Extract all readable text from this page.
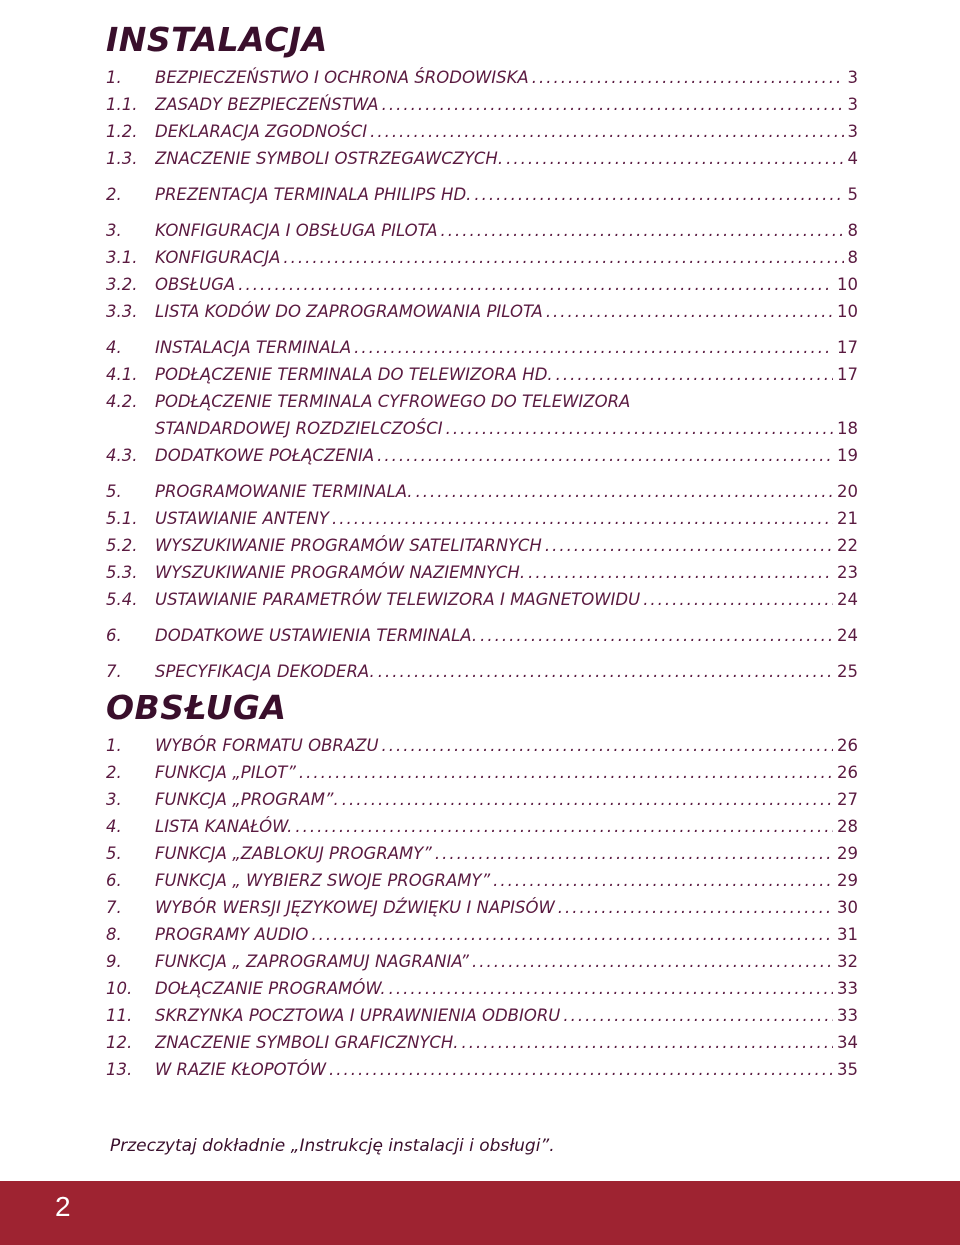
INSTALACJA
1. BEZPIECZEŃSTWO I OCHRONA ŚRODOWISKA .....	3
1.1. ZASADY BEZPIECZEŃSTWA .....	3
1.2. DEKLARACJA ZGODNOŚCI .....	3
1.3. ZNACZENIE SYMBOLI OSTRZEGAWCZYCH. .....	4
2. PREZENTACJA TERMINALA PHILIPS HD. .....	5
3. KONFIGURACJA I OBSŁUGA PILOTA .....	8
3.1. KONFIGURACJA .....	8
3.2. OBSŁUGA .....	10
3.3. LISTA KODÓW DO ZAPROGRAMOWANIA PILOTA .....	10
4. INSTALACJA TERMINALA .....	17
4.1. PODŁĄCZENIE TERMINALA DO TELEWIZORA HD. .....	17
4.2. PODŁĄCZENIE TERMINALA CYFROWEGO DO TELEWIZORA
STANDARDOWEJ ROZDZIELCZOŚCI .....	18
4.3. DODATKOWE POŁĄCZENIA .....	19
5. PROGRAMOWANIE TERMINALA. .....	20
5.1. USTAWIANIE ANTENY .....	21
5.2. WYSZUKIWANIE PROGRAMÓW SATELITARNYCH .....	22
5.3. WYSZUKIWANIE PROGRAMÓW NAZIEMNYCH. .....	23
5.4. USTAWIANIE PARAMETRÓW TELEWIZORA I MAGNETOWIDU .....	24
6. DODATKOWE USTAWIENIA TERMINALA. .....	24
7. SPECYFIKACJA DEKODERA. .....	25
OBSŁUGA
1. WYBÓR FORMATU OBRAZU .....	26
2. FUNKCJA „PILOT” .....	26
3. FUNKCJA „PROGRAM”. .....	27
4. LISTA KANAŁÓW. .....	28
5. FUNKCJA „ZABLOKUJ PROGRAMY” .....	29
6. FUNKCJA „ WYBIERZ SWOJE PROGRAMY” .....	29
7. WYBÓR WERSJI JĘZYKOWEJ DŹWIĘKU I NAPISÓW .....	30
8. PROGRAMY AUDIO .....	31
9. FUNKCJA „ ZAPROGRAMUJ NAGRANIA” .....	32
10. DOŁĄCZANIE PROGRAMÓW. .....	33
11. SKRZYNKA POCZTOWA I UPRAWNIENIA ODBIORU .....	33
12. ZNACZENIE SYMBOLI GRAFICZNYCH. .....	34
13. W RAZIE KŁOPOTÓW .....	35

Przeczytaj dokładnie „Instrukcję instalacji i obsługi”.

2
